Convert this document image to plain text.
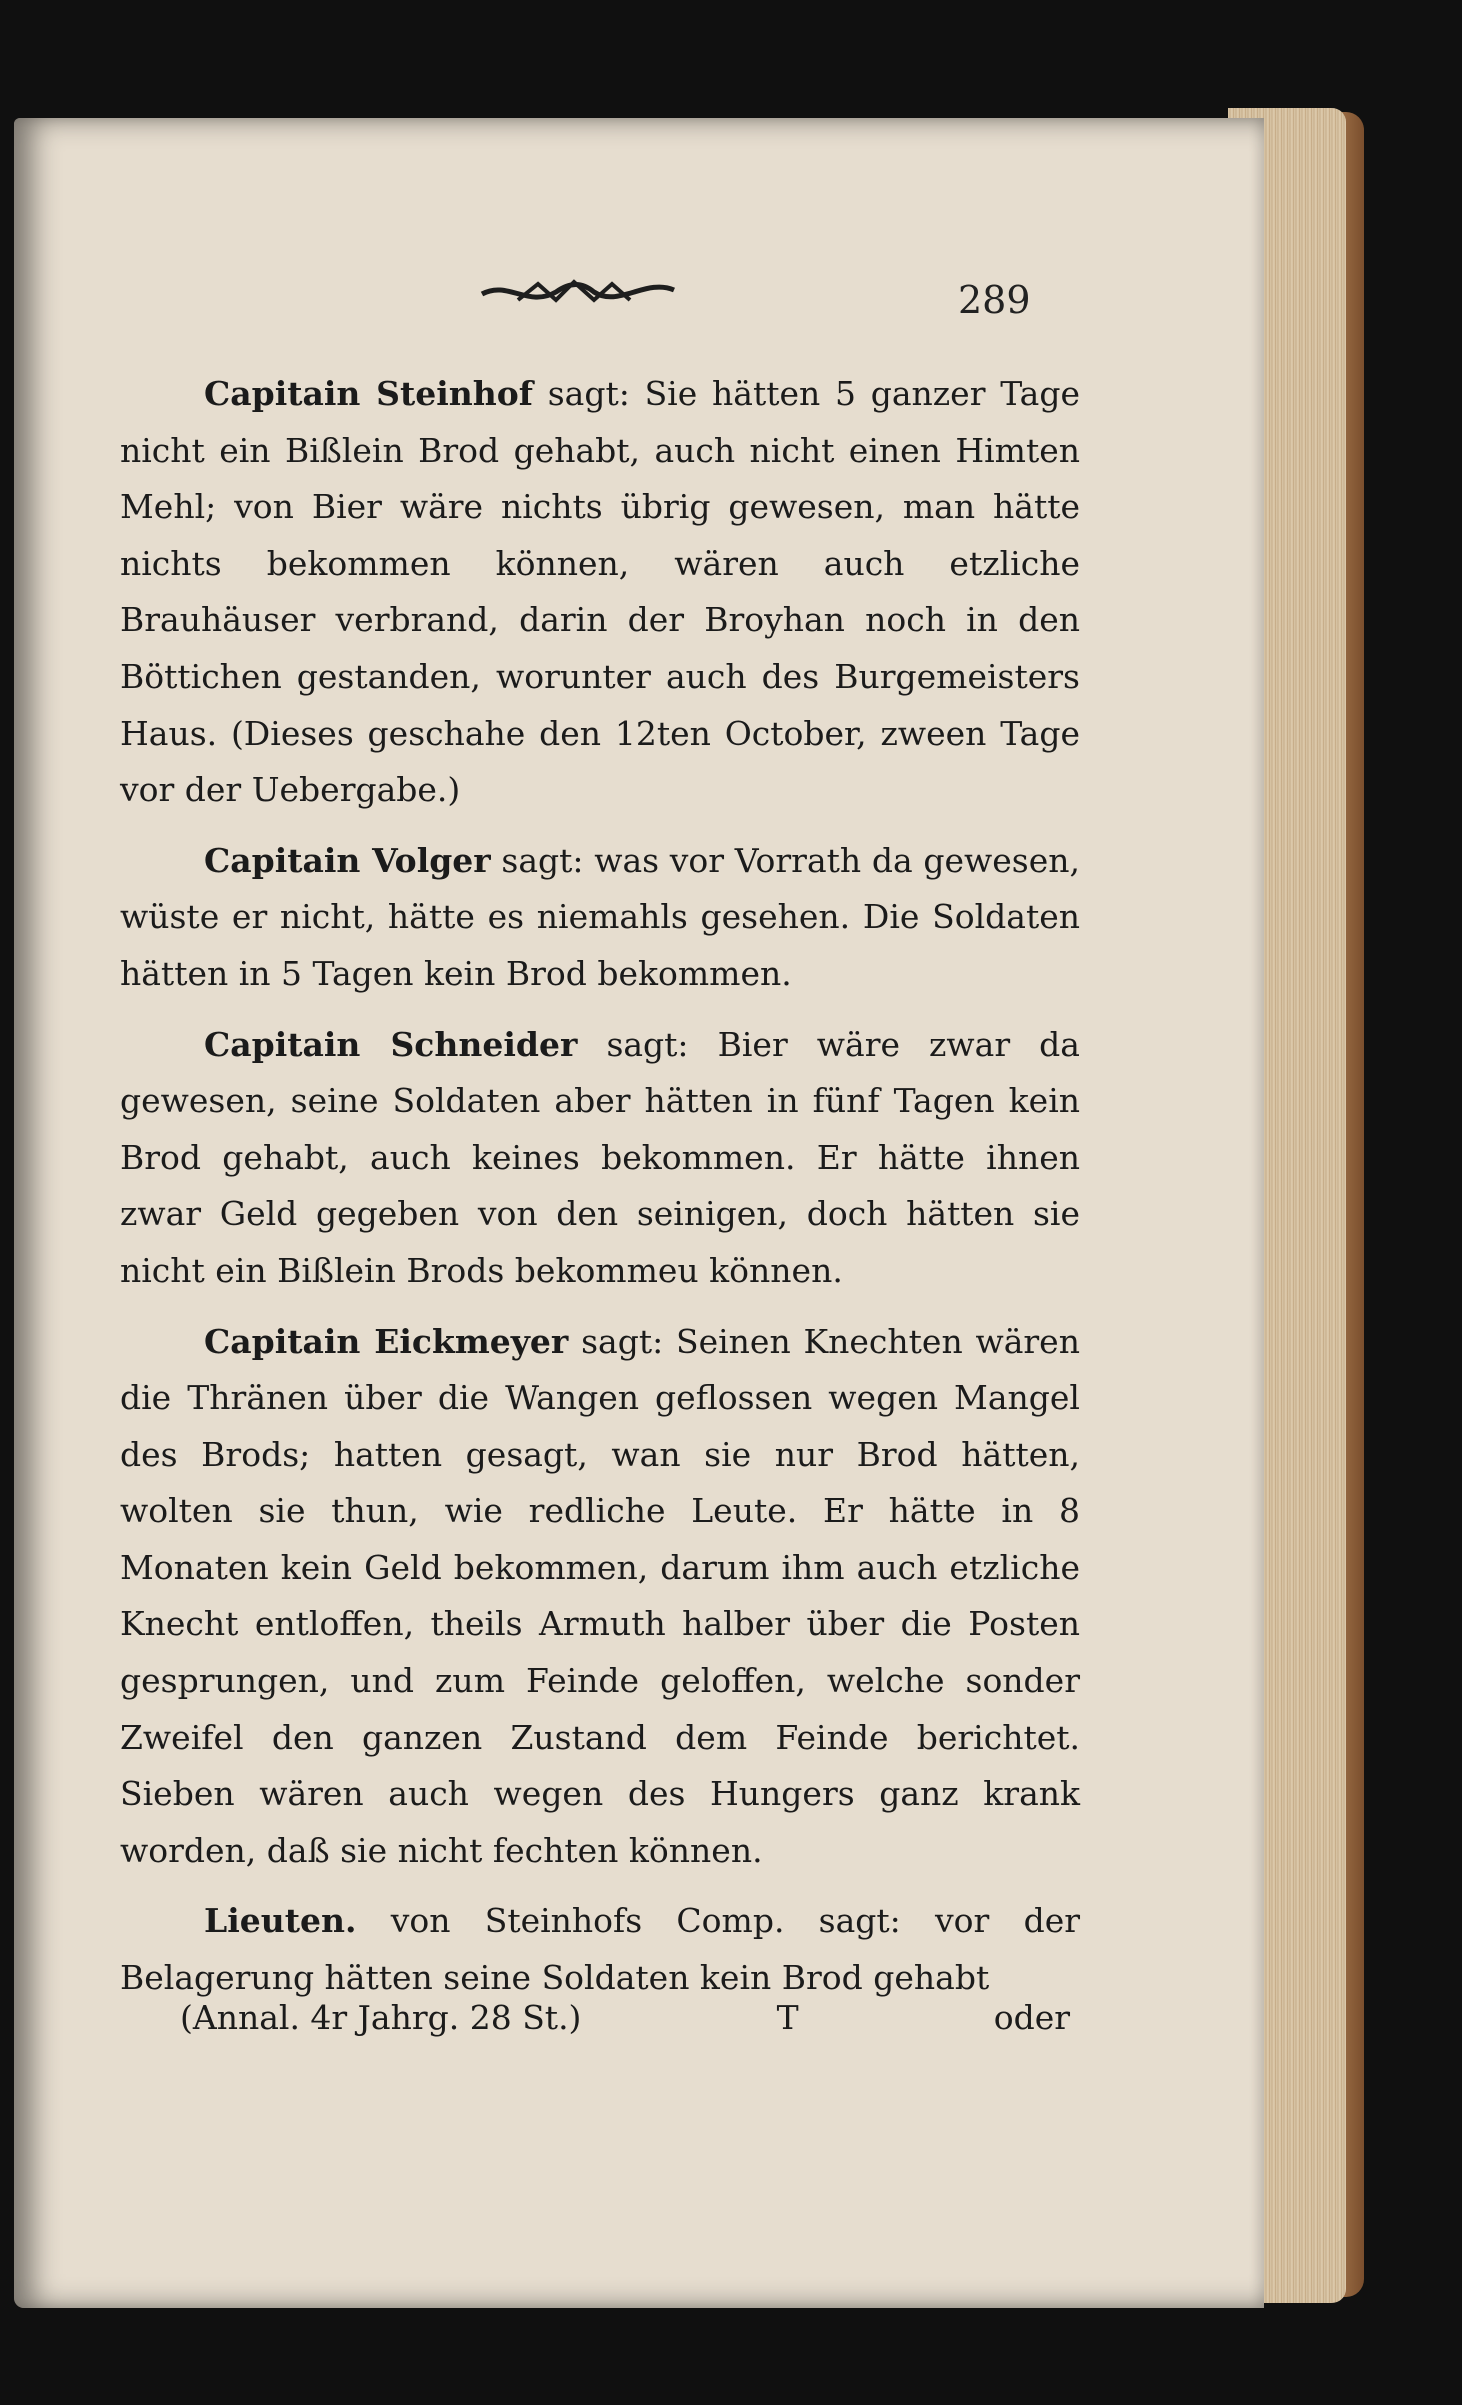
289

Capitain Steinhof sagt: Sie hätten 5 ganzer Tage nicht ein Bißlein Brod gehabt, auch nicht einen Himten Mehl; von Bier wäre nichts übrig gewesen, man hätte nichts bekommen können, wären auch etzliche Brauhäuser verbrand, darin der Broyhan noch in den Böttichen gestanden, worunter auch des Burgemeisters Haus. (Dieses geschahe den 12ten October, zween Tage vor der Uebergabe.)

Capitain Volger sagt: was vor Vorrath da gewesen, wüste er nicht, hätte es niemahls gesehen. Die Soldaten hätten in 5 Tagen kein Brod bekommen.

Capitain Schneider sagt: Bier wäre zwar da gewesen, seine Soldaten aber hätten in fünf Tagen kein Brod gehabt, auch keines bekommen. Er hätte ihnen zwar Geld gegeben von den seinigen, doch hätten sie nicht ein Bißlein Brods bekommeu können.

Capitain Eickmeyer sagt: Seinen Knechten wären die Thränen über die Wangen geflossen wegen Mangel des Brods; hatten gesagt, wan sie nur Brod hätten, wolten sie thun, wie redliche Leute. Er hätte in 8 Monaten kein Geld bekommen, darum ihm auch etzliche Knecht entloffen, theils Armuth halber über die Posten gesprungen, und zum Feinde geloffen, welche sonder Zweifel den ganzen Zustand dem Feinde berichtet. Sieben wären auch wegen des Hungers ganz krank worden, daß sie nicht fechten können.

Lieuten. von Steinhofs Comp. sagt: vor der Belagerung hätten seine Soldaten kein Brod gehabt

(Annal. 4r Jahrg. 28 St.)	T	oder
